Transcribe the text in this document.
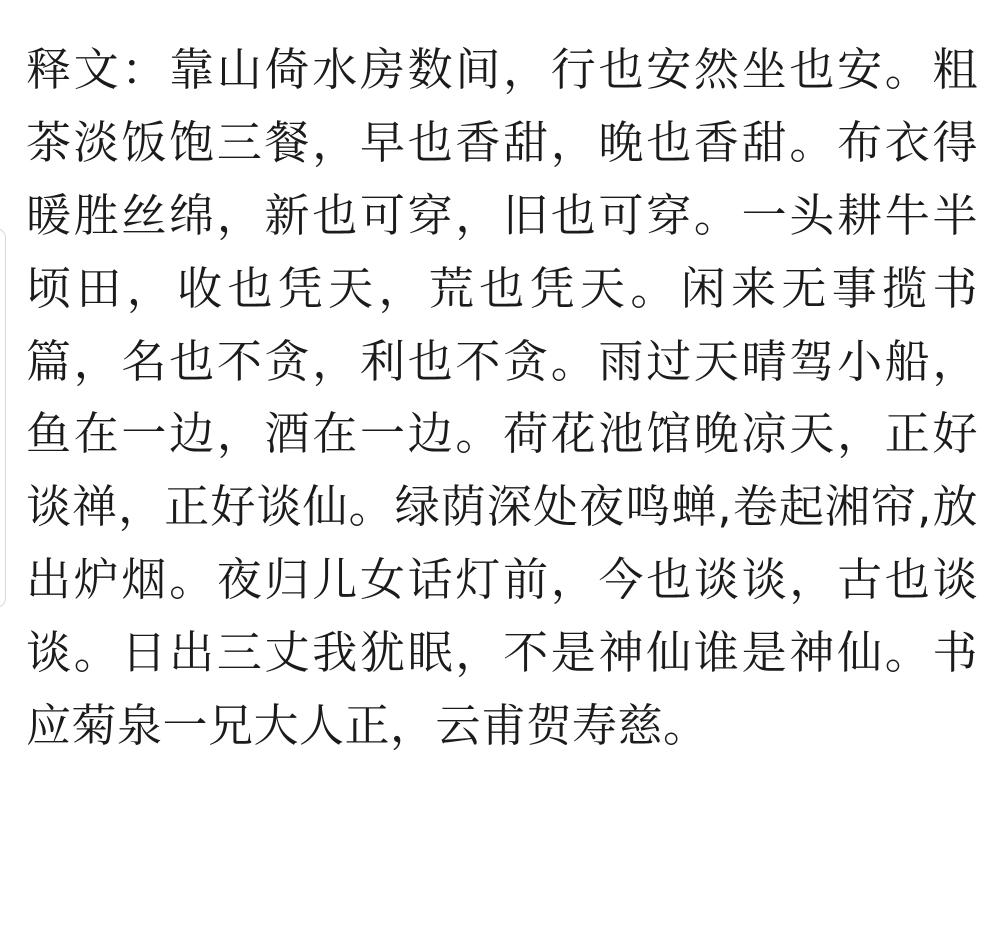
释文：靠山倚水房数间，行也安然坐也安。粗茶淡饭饱三餐，早也香甜，晚也香甜。布衣得暖胜丝绵，新也可穿，旧也可穿。一头耕牛半顷田，收也凭天，荒也凭天。闲来无事揽书篇，名也不贪，利也不贪。雨过天晴驾小船，鱼在一边，酒在一边。荷花池馆晚凉天，正好谈禅，正好谈仙。绿荫深处夜鸣蝉,卷起湘帘,放出炉烟。夜归儿女话灯前，今也谈谈，古也谈谈。日出三丈我犹眠，不是神仙谁是神仙。书应菊泉一兄大人正，云甫贺寿慈。
